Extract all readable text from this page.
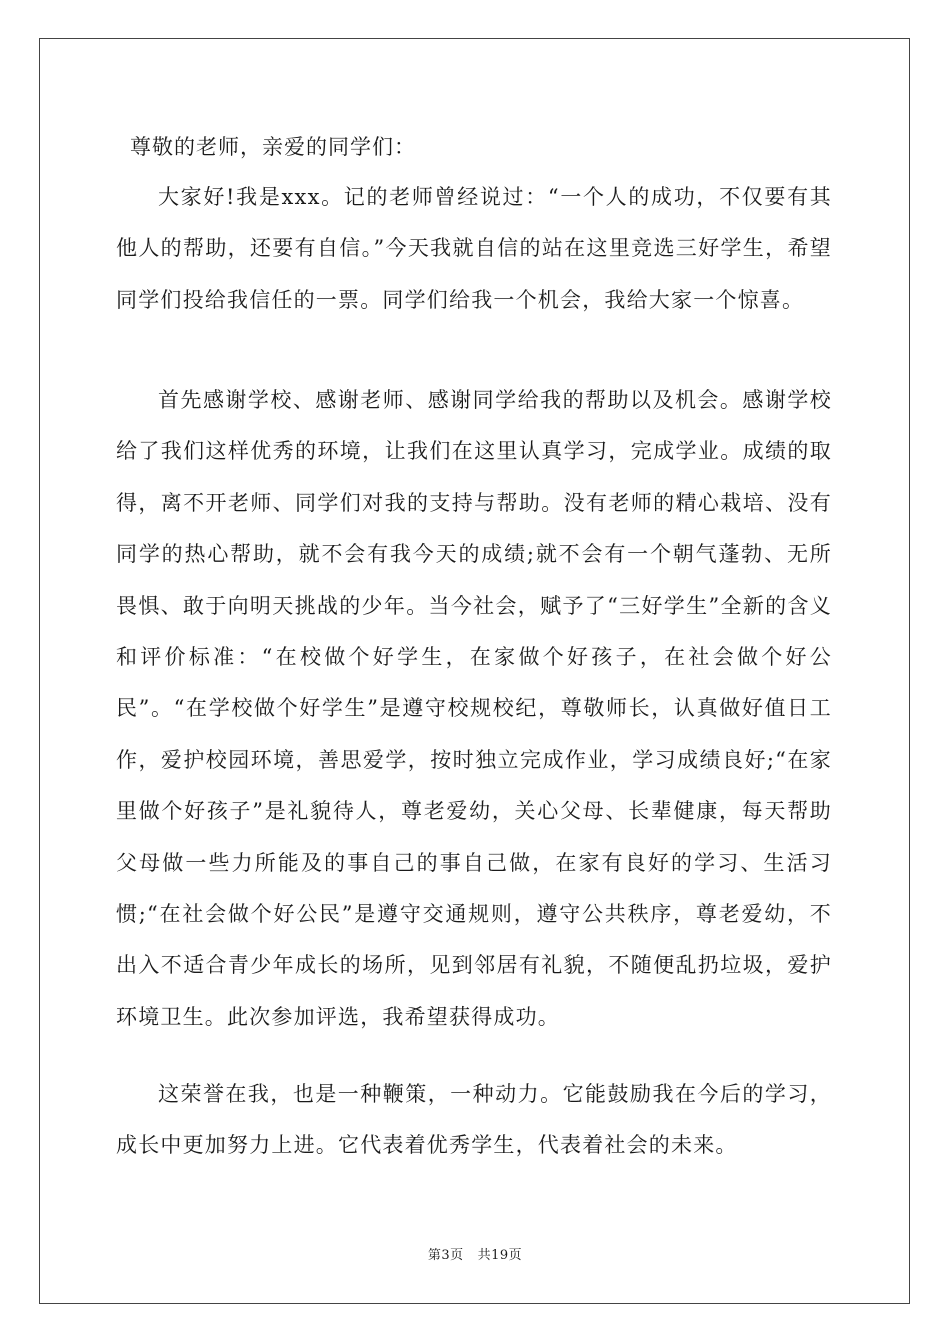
尊敬的老师，亲爱的同学们：

大家好!我是xxx。记的老师曾经说过：“一个人的成功，不仅要有其他人的帮助，还要有自信。”今天我就自信的站在这里竞选三好学生，希望同学们投给我信任的一票。同学们给我一个机会，我给大家一个惊喜。

首先感谢学校、感谢老师、感谢同学给我的帮助以及机会。感谢学校给了我们这样优秀的环境，让我们在这里认真学习，完成学业。成绩的取得，离不开老师、同学们对我的支持与帮助。没有老师的精心栽培、没有同学的热心帮助，就不会有我今天的成绩;就不会有一个朝气蓬勃、无所畏惧、敢于向明天挑战的少年。当今社会，赋予了“三好学生”全新的含义和评价标准：“在校做个好学生，在家做个好孩子，在社会做个好公民”。“在学校做个好学生”是遵守校规校纪，尊敬师长，认真做好值日工作，爱护校园环境，善思爱学，按时独立完成作业，学习成绩良好;“在家里做个好孩子”是礼貌待人，尊老爱幼，关心父母、长辈健康，每天帮助父母做一些力所能及的事自己的事自己做，在家有良好的学习、生活习惯;“在社会做个好公民”是遵守交通规则，遵守公共秩序，尊老爱幼，不出入不适合青少年成长的场所，见到邻居有礼貌，不随便乱扔垃圾，爱护环境卫生。此次参加评选，我希望获得成功。

这荣誉在我，也是一种鞭策，一种动力。它能鼓励我在今后的学习，成长中更加努力上进。它代表着优秀学生，代表着社会的未来。

第3页 共19页
